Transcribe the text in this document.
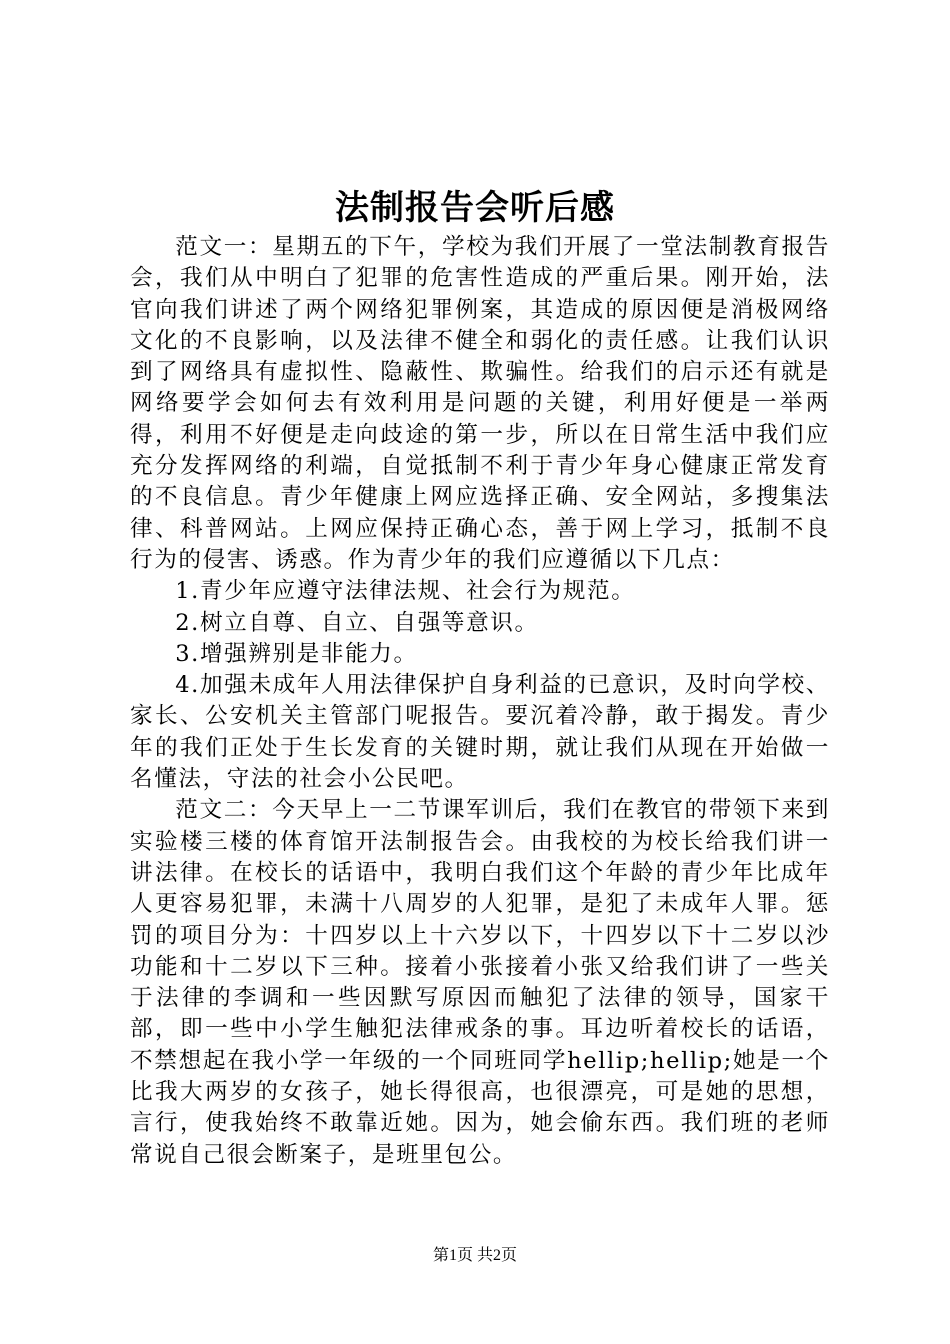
法制报告会听后感

范文一：星期五的下午，学校为我们开展了一堂法制教育报告会，我们从中明白了犯罪的危害性造成的严重后果。刚开始，法官向我们讲述了两个网络犯罪例案，其造成的原因便是消极网络文化的不良影响，以及法律不健全和弱化的责任感。让我们认识到了网络具有虚拟性、隐蔽性、欺骗性。给我们的启示还有就是网络要学会如何去有效利用是问题的关键，利用好便是一举两得，利用不好便是走向歧途的第一步，所以在日常生活中我们应充分发挥网络的利端，自觉抵制不利于青少年身心健康正常发育的不良信息。青少年健康上网应选择正确、安全网站，多搜集法律、科普网站。上网应保持正确心态，善于网上学习，抵制不良行为的侵害、诱惑。作为青少年的我们应遵循以下几点：

1.青少年应遵守法律法规、社会行为规范。

2.树立自尊、自立、自强等意识。

3.增强辨别是非能力。

4.加强未成年人用法律保护自身利益的已意识，及时向学校、家长、公安机关主管部门呢报告。要沉着冷静，敢于揭发。青少年的我们正处于生长发育的关键时期，就让我们从现在开始做一名懂法，守法的社会小公民吧。

范文二：今天早上一二节课军训后，我们在教官的带领下来到实验楼三楼的体育馆开法制报告会。由我校的为校长给我们讲一讲法律。在校长的话语中，我明白我们这个年龄的青少年比成年人更容易犯罪，未满十八周岁的人犯罪，是犯了未成年人罪。惩罚的项目分为：十四岁以上十六岁以下，十四岁以下十二岁以沙功能和十二岁以下三种。接着小张接着小张又给我们讲了一些关于法律的李调和一些因默写原因而触犯了法律的领导，国家干部，即一些中小学生触犯法律戒条的事。耳边听着校长的话语，不禁想起在我小学一年级的一个同班同学hellip;hellip;她是一个比我大两岁的女孩子，她长得很高，也很漂亮，可是她的思想，言行，使我始终不敢靠近她。因为，她会偷东西。我们班的老师常说自己很会断案子，是班里包公。

第1页 共2页
